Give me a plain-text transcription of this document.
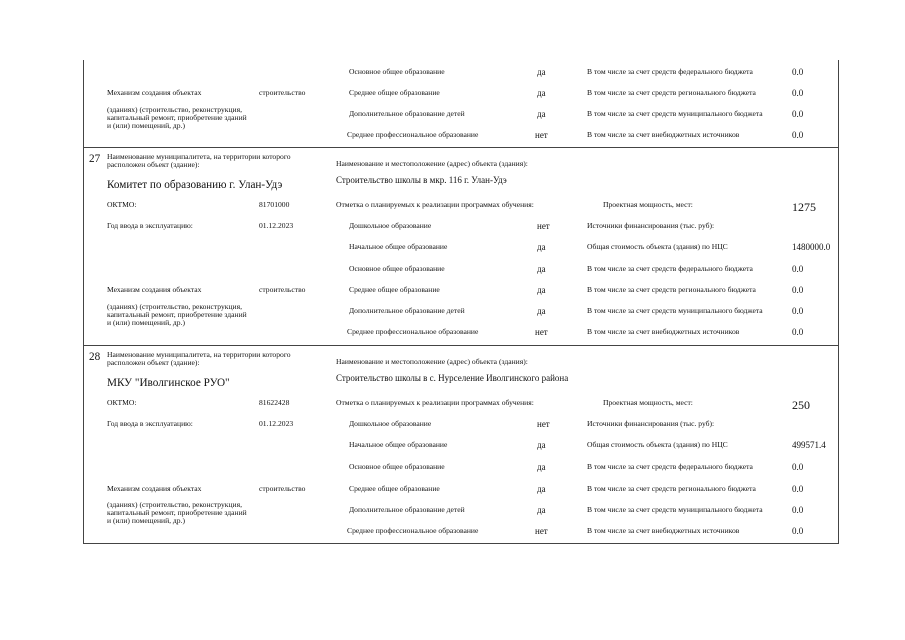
Основное общее образование	да	В том числе за счет средств федерального бюджета	0.0
Механизм создания объектах	строительство	Среднее общее образование	да	В том числе за счет средств регионального бюджета	0.0
(зданиях) (строительство, реконструкция, капитальный ремонт, приобретение зданий и (или) помещений, др.)
Дополнительное образование детей	да	В том числе за счет средств муниципального бюджета	0.0
Среднее профессиональное образование	нет	В том числе за счет внебюджетных источников	0.0
27 Наименование муниципалитета, на территории которого расположен объект (здание):	Наименование и местоположение (адрес) объекта (здания):
Комитет по образованию г. Улан-Удэ	Строительство школы в мкр. 116 г. Улан-Удэ
ОКТМО:	81701000	Отметка о планируемых к реализации программах обучения:	Проектная мощность, мест:	1275
Год ввода в эксплуатацию:	01.12.2023	Дошкольное образование	нет	Источники финансирования (тыс. руб):
Начальное общее образование	да	Общая стоимость объекта (здания) по НЦС	1480000.0
Основное общее образование	да	В том числе за счет средств федерального бюджета	0.0
Механизм создания объектах	строительство	Среднее общее образование	да	В том числе за счет средств регионального бюджета	0.0
(зданиях) (строительство, реконструкция, капитальный ремонт, приобретение зданий и (или) помещений, др.)
Дополнительное образование детей	да	В том числе за счет средств муниципального бюджета	0.0
Среднее профессиональное образование	нет	В том числе за счет внебюджетных источников	0.0
28 Наименование муниципалитета, на территории которого расположен объект (здание):	Наименование и местоположение (адрес) объекта (здания):
МКУ "Иволгинское РУО"	Строительство школы в с. Нурселение Иволгинского района
ОКТМО:	81622428	Отметка о планируемых к реализации программах обучения:	Проектная мощность, мест:	250
Год ввода в эксплуатацию:	01.12.2023	Дошкольное образование	нет	Источники финансирования (тыс. руб):
Начальное общее образование	да	Общая стоимость объекта (здания) по НЦС	499571.4
Основное общее образование	да	В том числе за счет средств федерального бюджета	0.0
Механизм создания объектах	строительство	Среднее общее образование	да	В том числе за счет средств регионального бюджета	0.0
(зданиях) (строительство, реконструкция, капитальный ремонт, приобретение зданий и (или) помещений, др.)
Дополнительное образование детей	да	В том числе за счет средств муниципального бюджета	0.0
Среднее профессиональное образование	нет	В том числе за счет внебюджетных источников	0.0
